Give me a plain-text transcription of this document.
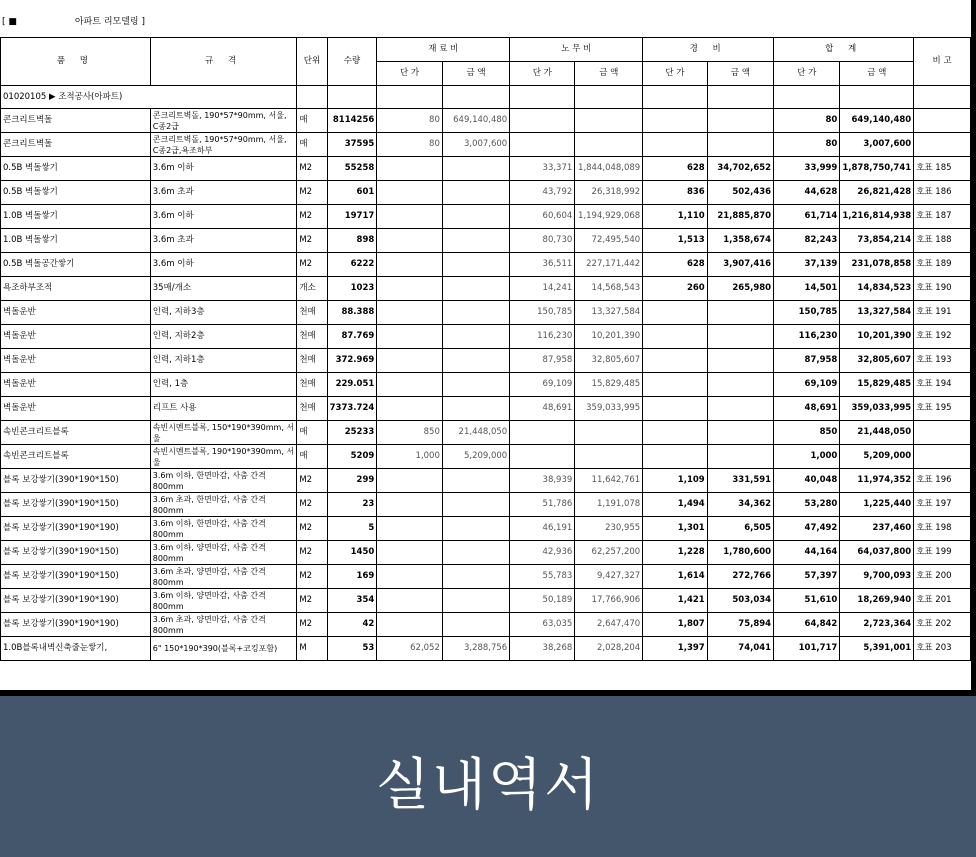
[ ■	아파트 리모델링 ]
품 명	규 격	단위	수량	재 료 비		노 무 비		경 비		합 계		비 고
				단 가	금 액	단 가	금 액	단 가	금 액	단 가	금 액	
01020105 ▶ 조적공사(아파트)												
콘크리트벽돌	콘크리트벽돌, 190*57*90mm, 서울, C종2급	매	8114256	80	649,140,480					80	649,140,480	
콘크리트벽돌	콘크리트벽돌, 190*57*90mm, 서울, C종2급,욕조하부	매	37595	80	3,007,600					80	3,007,600	
0.5B 벽돌쌓기	3.6m 이하	M2	55258			33,371	1,844,048,089	628	34,702,652	33,999	1,878,750,741	호표 185
0.5B 벽돌쌓기	3.6m 초과	M2	601			43,792	26,318,992	836	502,436	44,628	26,821,428	호표 186
1.0B 벽돌쌓기	3.6m 이하	M2	19717			60,604	1,194,929,068	1,110	21,885,870	61,714	1,216,814,938	호표 187
1.0B 벽돌쌓기	3.6m 초과	M2	898			80,730	72,495,540	1,513	1,358,674	82,243	73,854,214	호표 188
0.5B 벽돌공간쌓기	3.6m 이하	M2	6222			36,511	227,171,442	628	3,907,416	37,139	231,078,858	호표 189
욕조하부조적	35매/개소	개소	1023			14,241	14,568,543	260	265,980	14,501	14,834,523	호표 190
벽돌운반	인력, 지하3층	천매	88.388			150,785	13,327,584			150,785	13,327,584	호표 191
벽돌운반	인력, 지하2층	천매	87.769			116,230	10,201,390			116,230	10,201,390	호표 192
벽돌운반	인력, 지하1층	천매	372.969			87,958	32,805,607			87,958	32,805,607	호표 193
벽돌운반	인력, 1층	천매	229.051			69,109	15,829,485			69,109	15,829,485	호표 194
벽돌운반	리프트 사용	천매	7373.724			48,691	359,033,995			48,691	359,033,995	호표 195
속빈콘크리트블록	속빈시멘트블록, 150*190*390mm, 서울	매	25233	850	21,448,050					850	21,448,050	
속빈콘크리트블록	속빈시멘트블록, 190*190*390mm, 서울	매	5209	1,000	5,209,000					1,000	5,209,000	
블록 보강쌓기(390*190*150)	3.6m 이하, 한면마감, 사춤 간격 800mm	M2	299			38,939	11,642,761	1,109	331,591	40,048	11,974,352	호표 196
블록 보강쌓기(390*190*150)	3.6m 초과, 한면마감, 사춤 간격 800mm	M2	23			51,786	1,191,078	1,494	34,362	53,280	1,225,440	호표 197
블록 보강쌓기(390*190*190)	3.6m 이하, 한면마감, 사춤 간격 800mm	M2	5			46,191	230,955	1,301	6,505	47,492	237,460	호표 198
블록 보강쌓기(390*190*150)	3.6m 이하, 양면마감, 사춤 간격 800mm	M2	1450			42,936	62,257,200	1,228	1,780,600	44,164	64,037,800	호표 199
블록 보강쌓기(390*190*150)	3.6m 초과, 양면마감, 사춤 간격 800mm	M2	169			55,783	9,427,327	1,614	272,766	57,397	9,700,093	호표 200
블록 보강쌓기(390*190*190)	3.6m 이하, 양면마감, 사춤 간격 800mm	M2	354			50,189	17,766,906	1,421	503,034	51,610	18,269,940	호표 201
블록 보강쌓기(390*190*190)	3.6m 초과, 양면마감, 사춤 간격 800mm	M2	42			63,035	2,647,470	1,807	75,894	64,842	2,723,364	호표 202
1.0B블록내벽신축줄눈쌓기,	6" 150*190*390(블록+코킹포함)	M	53	62,052	3,288,756	38,268	2,028,204	1,397	74,041	101,717	5,391,001	호표 203
실내역서
